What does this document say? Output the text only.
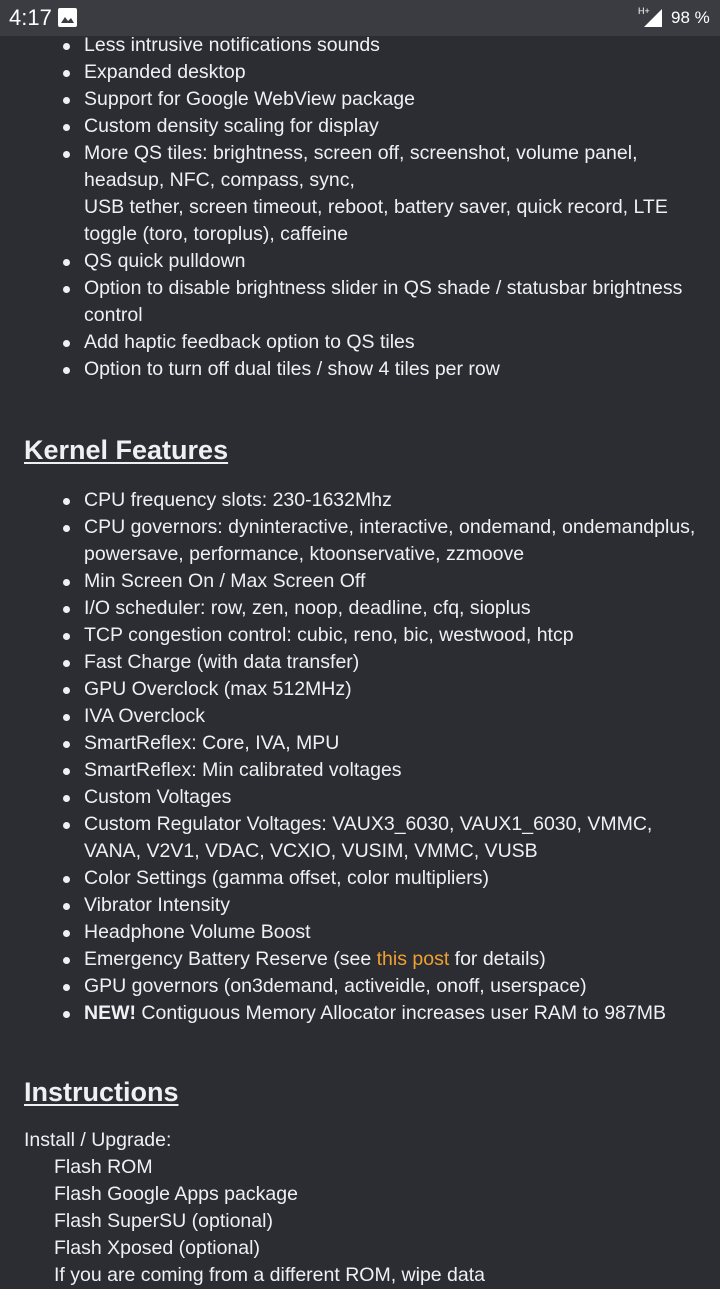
4:17	H+ 98 %
Less intrusive notifications sounds
Expanded desktop
Support for Google WebView package
Custom density scaling for display
More QS tiles: brightness, screen off, screenshot, volume panel, headsup, NFC, compass, sync,
USB tether, screen timeout, reboot, battery saver, quick record, LTE toggle (toro, toroplus), caffeine
QS quick pulldown
Option to disable brightness slider in QS shade / statusbar brightness control
Add haptic feedback option to QS tiles
Option to turn off dual tiles / show 4 tiles per row
Kernel Features
CPU frequency slots: 230-1632Mhz
CPU governors: dyninteractive, interactive, ondemand, ondemandplus, powersave, performance, ktoonservative, zzmoove
Min Screen On / Max Screen Off
I/O scheduler: row, zen, noop, deadline, cfq, sioplus
TCP congestion control: cubic, reno, bic, westwood, htcp
Fast Charge (with data transfer)
GPU Overclock (max 512MHz)
IVA Overclock
SmartReflex: Core, IVA, MPU
SmartReflex: Min calibrated voltages
Custom Voltages
Custom Regulator Voltages: VAUX3_6030, VAUX1_6030, VMMC, VANA, V2V1, VDAC, VCXIO, VUSIM, VMMC, VUSB
Color Settings (gamma offset, color multipliers)
Vibrator Intensity
Headphone Volume Boost
Emergency Battery Reserve (see this post for details)
GPU governors (on3demand, activeidle, onoff, userspace)
NEW! Contiguous Memory Allocator increases user RAM to 987MB
Instructions
Install / Upgrade:
Flash ROM
Flash Google Apps package
Flash SuperSU (optional)
Flash Xposed (optional)
If you are coming from a different ROM, wipe data
